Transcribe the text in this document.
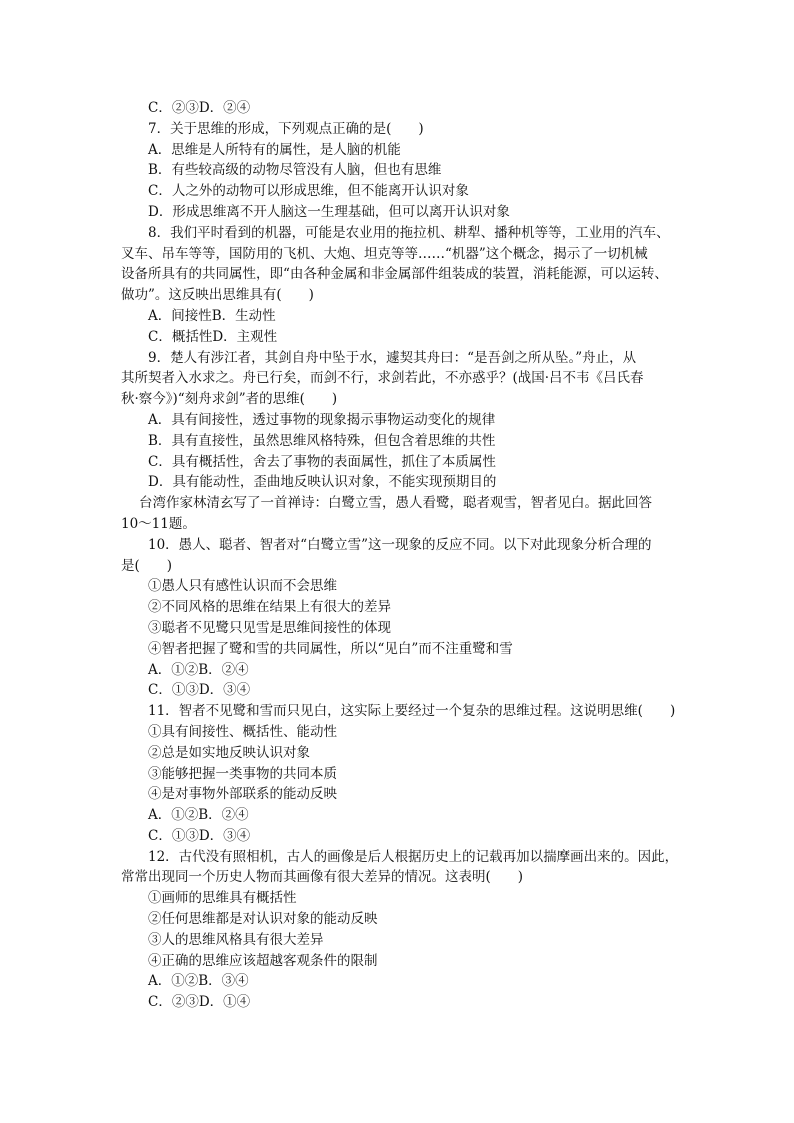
C．②③D．②④
7．关于思维的形成，下列观点正确的是(　　)
A．思维是人所特有的属性，是人脑的机能
B．有些较高级的动物尽管没有人脑，但也有思维
C．人之外的动物可以形成思维，但不能离开认识对象
D．形成思维离不开人脑这一生理基础，但可以离开认识对象
8．我们平时看到的机器，可能是农业用的拖拉机、耕犁、播种机等等，工业用的汽车、
叉车、吊车等等，国防用的飞机、大炮、坦克等等……“机器”这个概念，揭示了一切机械
设备所具有的共同属性，即“由各种金属和非金属部件组装成的装置，消耗能源，可以运转、
做功”。这反映出思维具有(　　)
A．间接性B．生动性
C．概括性D．主观性
9．楚人有涉江者，其剑自舟中坠于水，遽契其舟曰：“是吾剑之所从坠。”舟止，从
其所契者入水求之。舟已行矣，而剑不行，求剑若此，不亦惑乎？(战国·吕不韦《吕氏春
秋·察今》)“刻舟求剑”者的思维(　　)
A．具有间接性，透过事物的现象揭示事物运动变化的规律
B．具有直接性，虽然思维风格特殊，但包含着思维的共性
C．具有概括性，舍去了事物的表面属性，抓住了本质属性
D．具有能动性，歪曲地反映认识对象，不能实现预期目的
台湾作家林清玄写了一首禅诗：白鹭立雪，愚人看鹭，聪者观雪，智者见白。据此回答
10～11题。
10．愚人、聪者、智者对“白鹭立雪”这一现象的反应不同。以下对此现象分析合理的
是(　　)
①愚人只有感性认识而不会思维
②不同风格的思维在结果上有很大的差异
③聪者不见鹭只见雪是思维间接性的体现
④智者把握了鹭和雪的共同属性，所以“见白”而不注重鹭和雪
A．①②B．②④
C．①③D．③④
11．智者不见鹭和雪而只见白，这实际上要经过一个复杂的思维过程。这说明思维(　　)
①具有间接性、概括性、能动性
②总是如实地反映认识对象
③能够把握一类事物的共同本质
④是对事物外部联系的能动反映
A．①②B．②④
C．①③D．③④
12．古代没有照相机，古人的画像是后人根据历史上的记载再加以揣摩画出来的。因此，
常常出现同一个历史人物而其画像有很大差异的情况。这表明(　　)
①画师的思维具有概括性
②任何思维都是对认识对象的能动反映
③人的思维风格具有很大差异
④正确的思维应该超越客观条件的限制
A．①②B．③④
C．②③D．①④
